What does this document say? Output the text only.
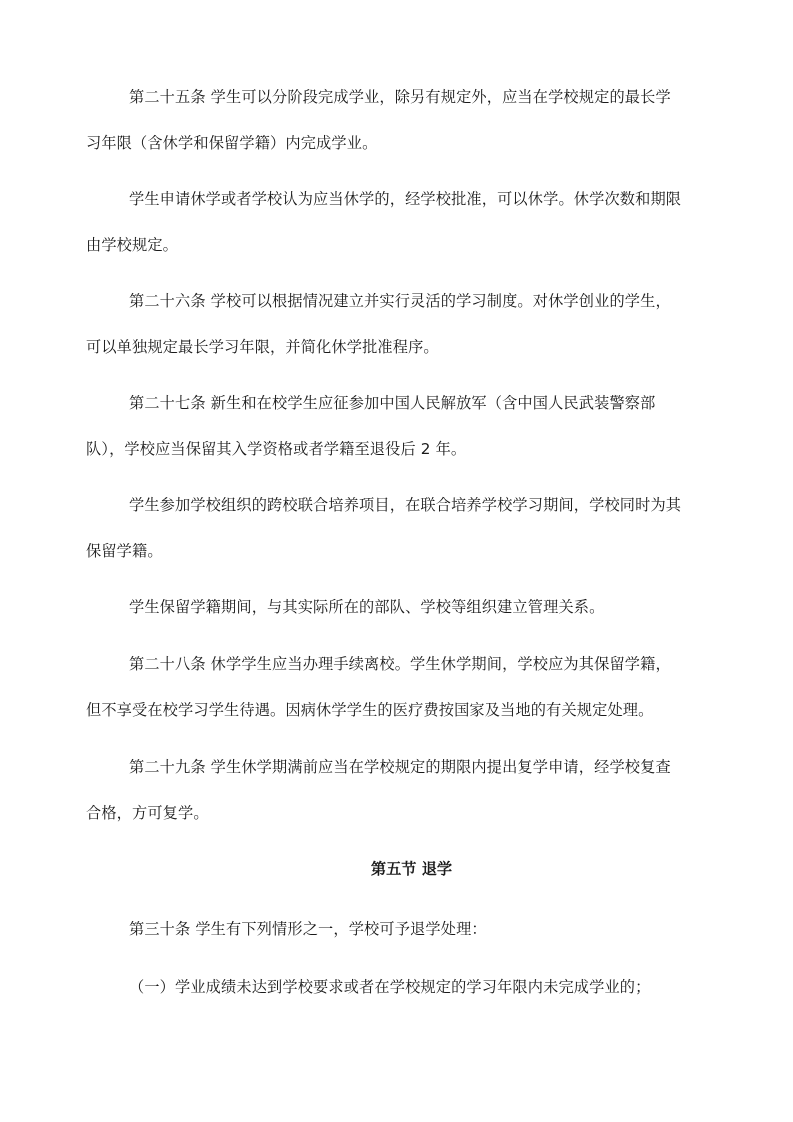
第二十五条 学生可以分阶段完成学业，除另有规定外，应当在学校规定的最长学
习年限（含休学和保留学籍）内完成学业。

学生申请休学或者学校认为应当休学的，经学校批准，可以休学。休学次数和期限
由学校规定。

第二十六条 学校可以根据情况建立并实行灵活的学习制度。对休学创业的学生，
可以单独规定最长学习年限，并简化休学批准程序。

第二十七条 新生和在校学生应征参加中国人民解放军（含中国人民武装警察部
队），学校应当保留其入学资格或者学籍至退役后 2 年。

学生参加学校组织的跨校联合培养项目，在联合培养学校学习期间，学校同时为其
保留学籍。

学生保留学籍期间，与其实际所在的部队、学校等组织建立管理关系。

第二十八条 休学学生应当办理手续离校。学生休学期间，学校应为其保留学籍，
但不享受在校学习学生待遇。因病休学学生的医疗费按国家及当地的有关规定处理。

第二十九条 学生休学期满前应当在学校规定的期限内提出复学申请，经学校复查
合格，方可复学。

第五节 退学

第三十条 学生有下列情形之一，学校可予退学处理：

（一）学业成绩未达到学校要求或者在学校规定的学习年限内未完成学业的；
